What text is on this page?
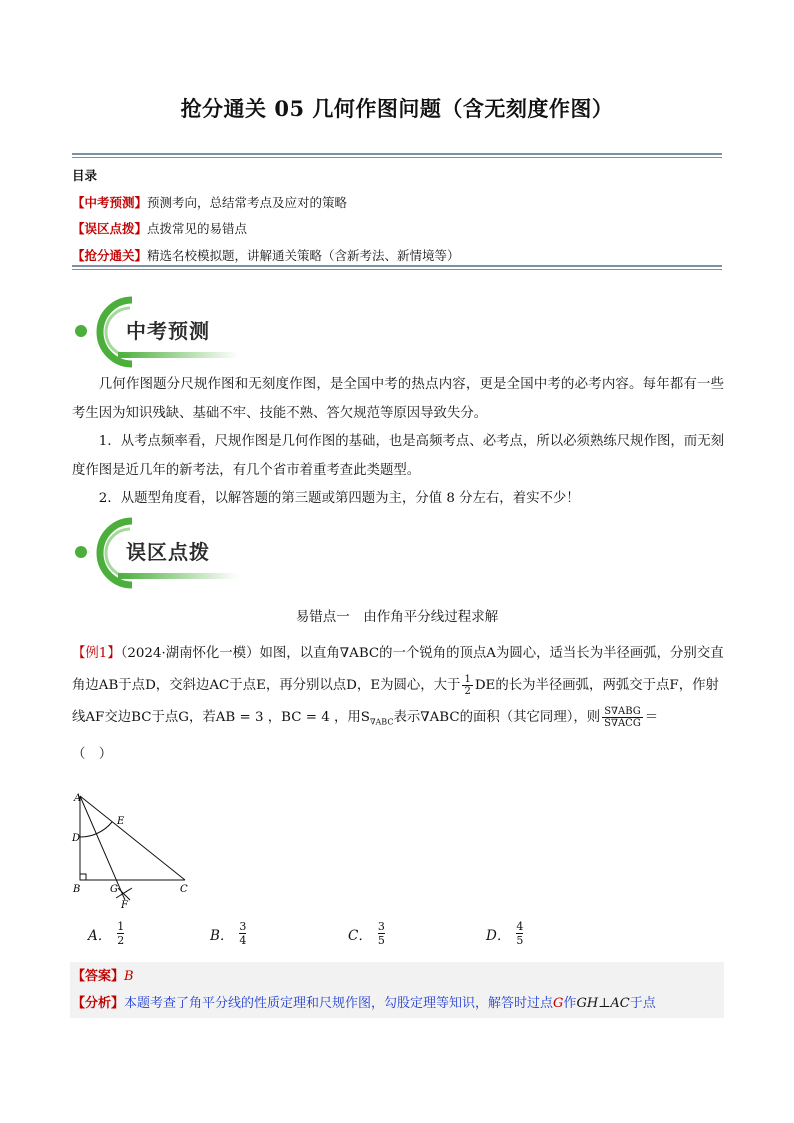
抢分通关 05 几何作图问题（含无刻度作图）
目录
【中考预测】预测考向，总结常考点及应对的策略
【误区点拨】点拨常见的易错点
【抢分通关】精选名校模拟题，讲解通关策略（含新考法、新情境等）
中考预测

几何作图题分尺规作图和无刻度作图，是全国中考的热点内容，更是全国中考的必考内容。每年都有一些考生因为知识残缺、基础不牢、技能不熟、答欠规范等原因导致失分。

1．从考点频率看，尺规作图是几何作图的基础，也是高频考点、必考点，所以必须熟练尺规作图，而无刻度作图是近几年的新考法，有几个省市着重考查此类题型。

2．从题型角度看，以解答题的第三题或第四题为主，分值 8 分左右，着实不少！

误区点拨
易错点一　由作角平分线过程求解
【例1】（2024·湖南怀化一模）如图，以直角∇ABC的一个锐角的顶点A为圆心，适当长为半径画弧，分别交直角边AB于点D，交斜边AC于点E，再分别以点D，E为圆心，大于 $\frac{1}{2}$ DE的长为半径画弧，两弧交于点F，作射线AF交边BC于点G，若AB = 3 ，BC = 4 ，用$S_{\nabla ABC}$表示∇ABC的面积（其它同理），则 $\frac{\text{S∇ABG}}{\text{S∇ACG}}$ ＝
（　）
A
B	C
D
E
F
G
A．
1
2	B．
3
4	C．
3
5	D．
4
5
【答案】B
【分析】本题考查了角平分线的性质定理和尺规作图，勾股定理等知识，解答时过点G作GH⊥AC于点
